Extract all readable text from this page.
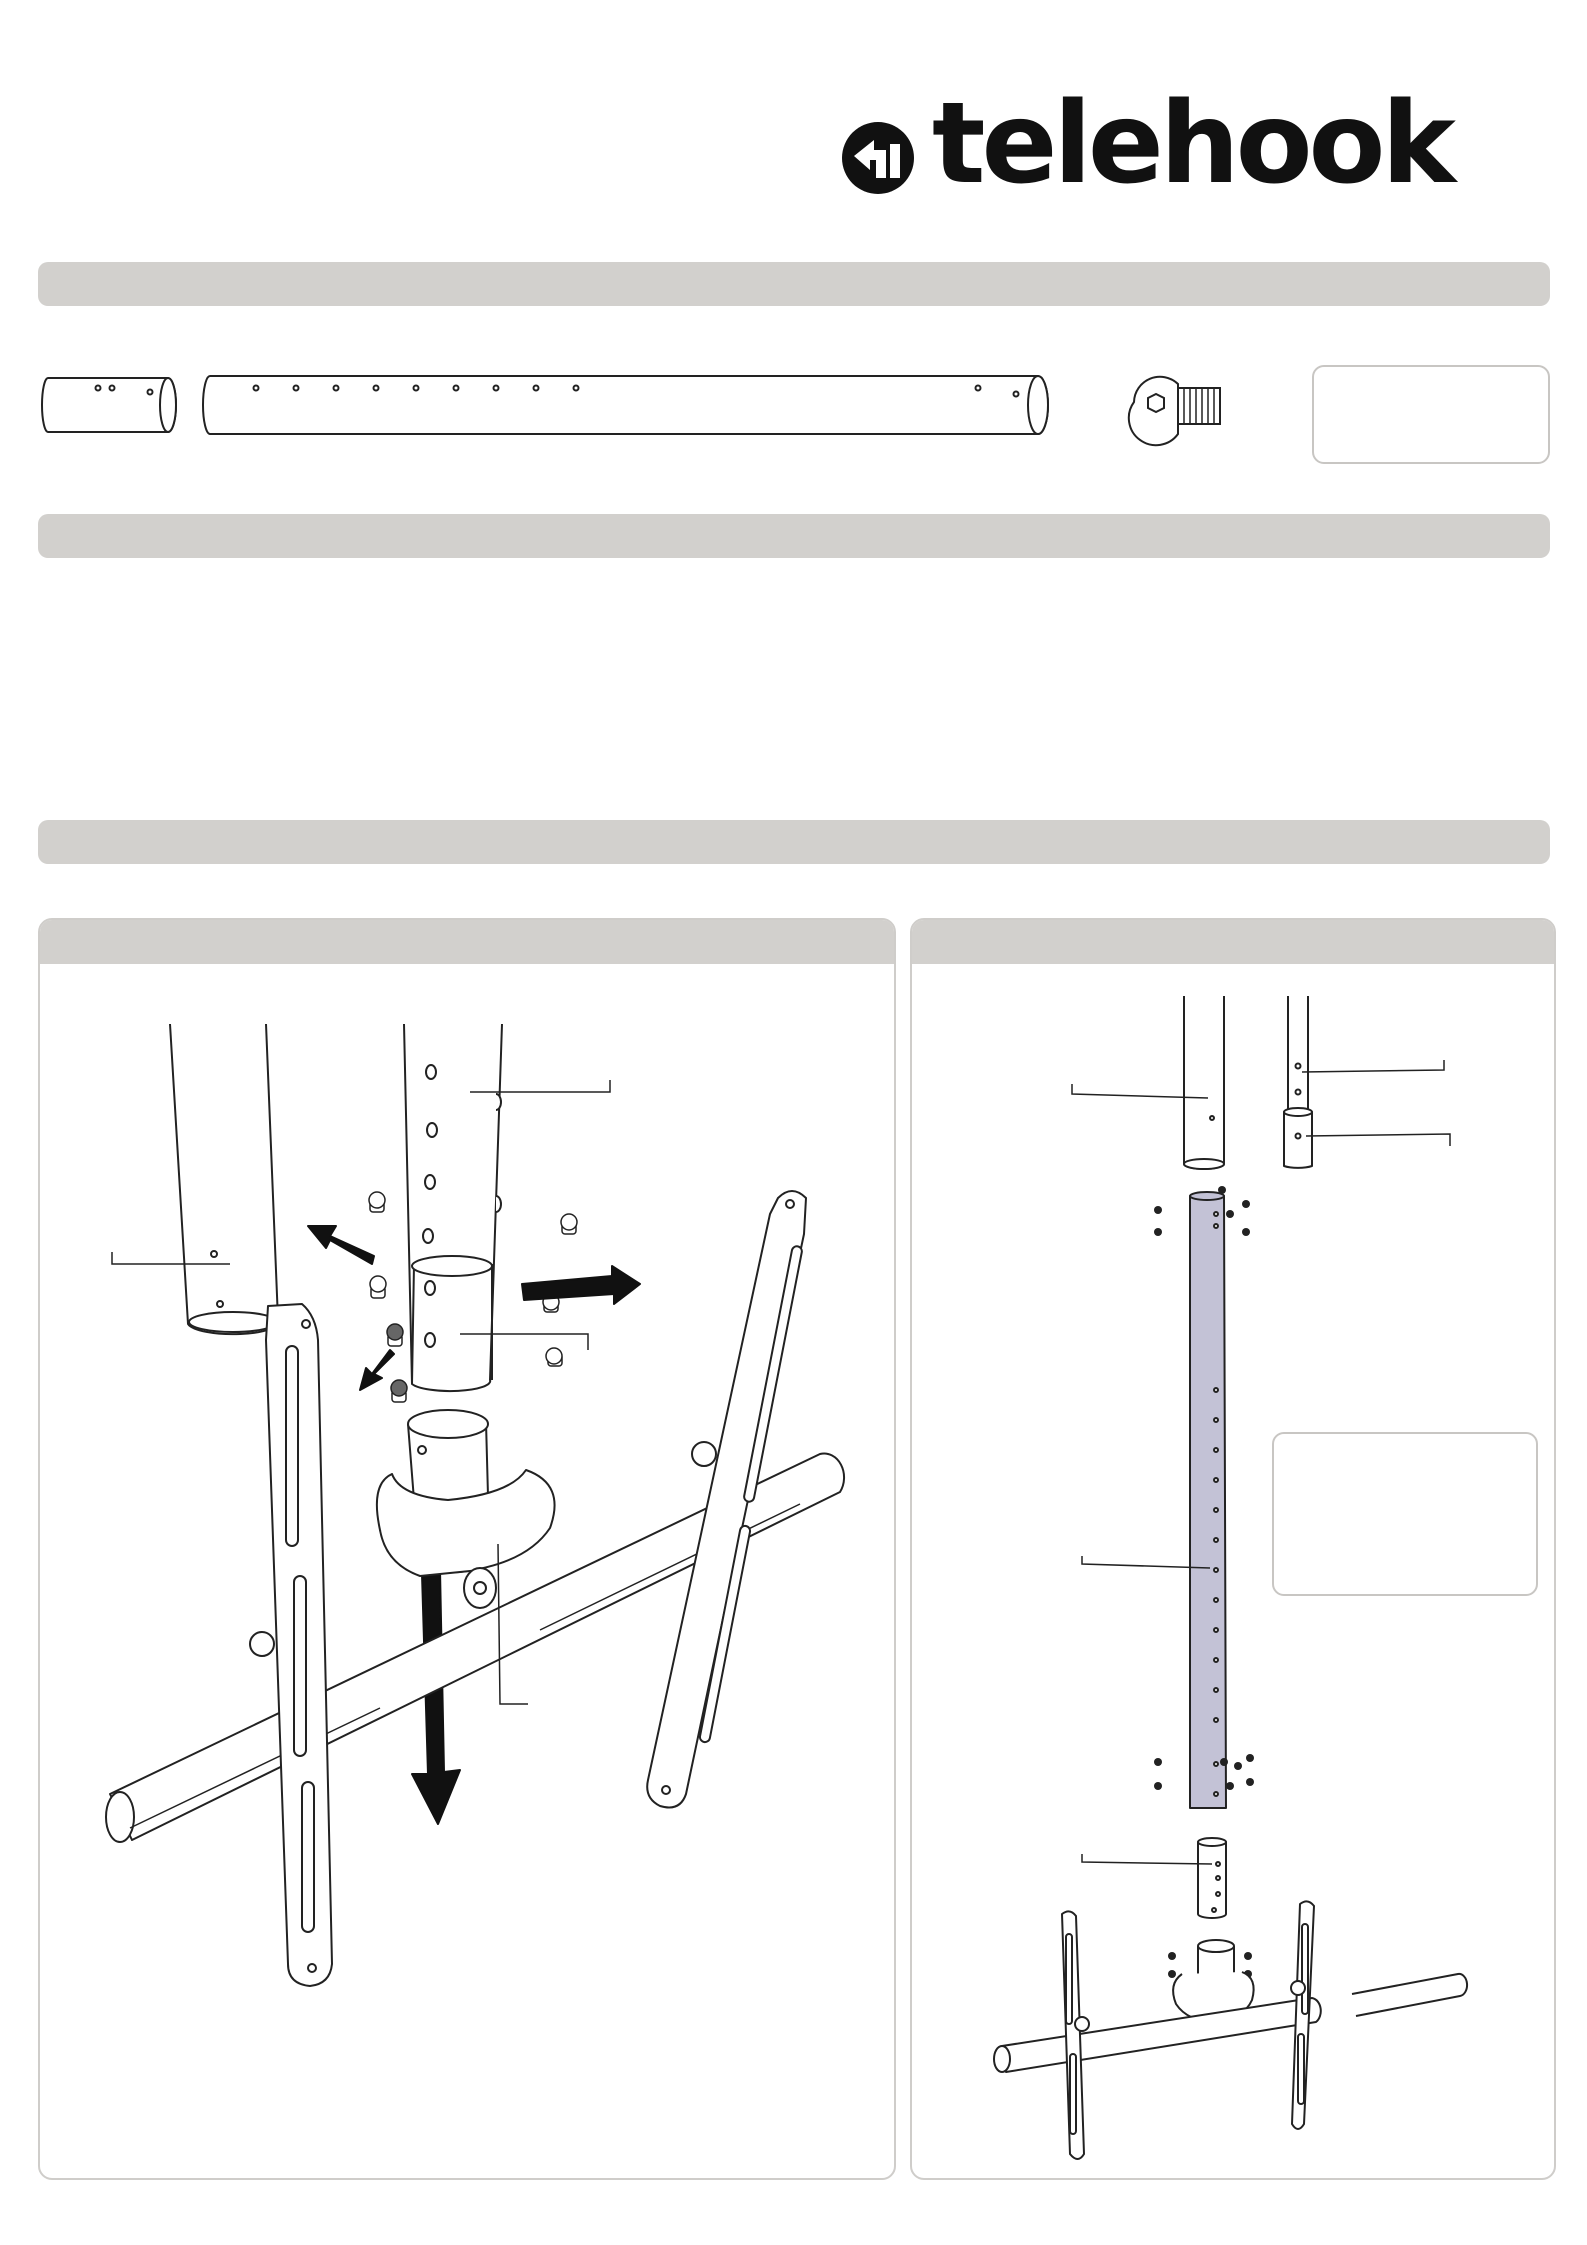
telehook
